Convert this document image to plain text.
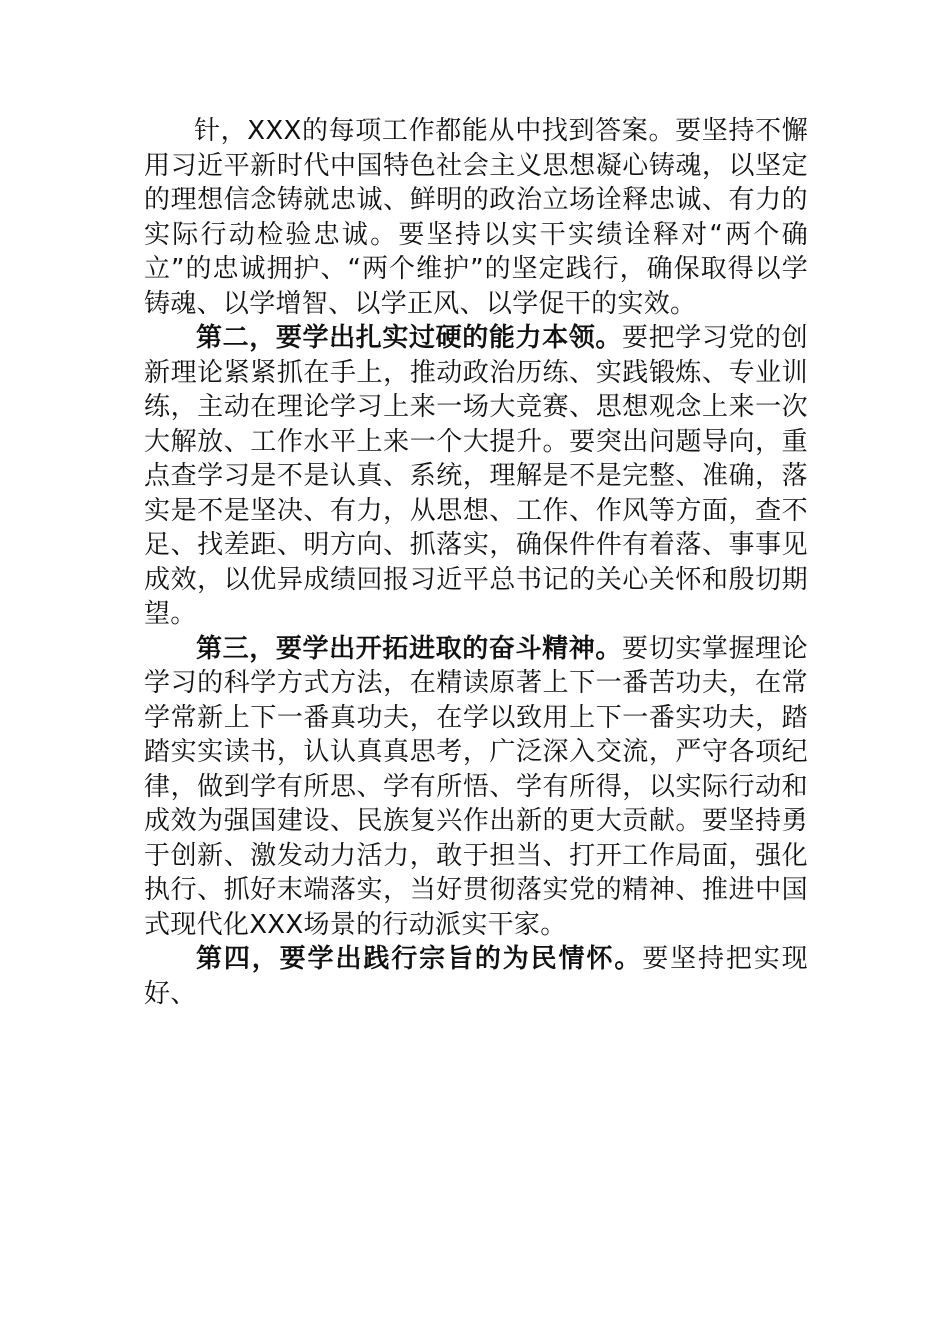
针，XXX的每项工作都能从中找到答案。要坚持不懈用习近平新时代中国特色社会主义思想凝心铸魂，以坚定的理想信念铸就忠诚、鲜明的政治立场诠释忠诚、有力的实际行动检验忠诚。要坚持以实干实绩诠释对“两个确立”的忠诚拥护、“两个维护”的坚定践行，确保取得以学铸魂、以学增智、以学正风、以学促干的实效。

第二，要学出扎实过硬的能力本领。要把学习党的创新理论紧紧抓在手上，推动政治历练、实践锻炼、专业训练，主动在理论学习上来一场大竞赛、思想观念上来一次大解放、工作水平上来一个大提升。要突出问题导向，重点查学习是不是认真、系统，理解是不是完整、准确，落实是不是坚决、有力，从思想、工作、作风等方面，查不足、找差距、明方向、抓落实，确保件件有着落、事事见成效，以优异成绩回报习近平总书记的关心关怀和殷切期望。

第三，要学出开拓进取的奋斗精神。要切实掌握理论学习的科学方式方法，在精读原著上下一番苦功夫，在常学常新上下一番真功夫，在学以致用上下一番实功夫，踏踏实实读书，认认真真思考，广泛深入交流，严守各项纪律，做到学有所思、学有所悟、学有所得，以实际行动和成效为强国建设、民族复兴作出新的更大贡献。要坚持勇于创新、激发动力活力，敢于担当、打开工作局面，强化执行、抓好末端落实，当好贯彻落实党的精神、推进中国式现代化XXX场景的行动派实干家。

第四，要学出践行宗旨的为民情怀。要坚持把实现好、
